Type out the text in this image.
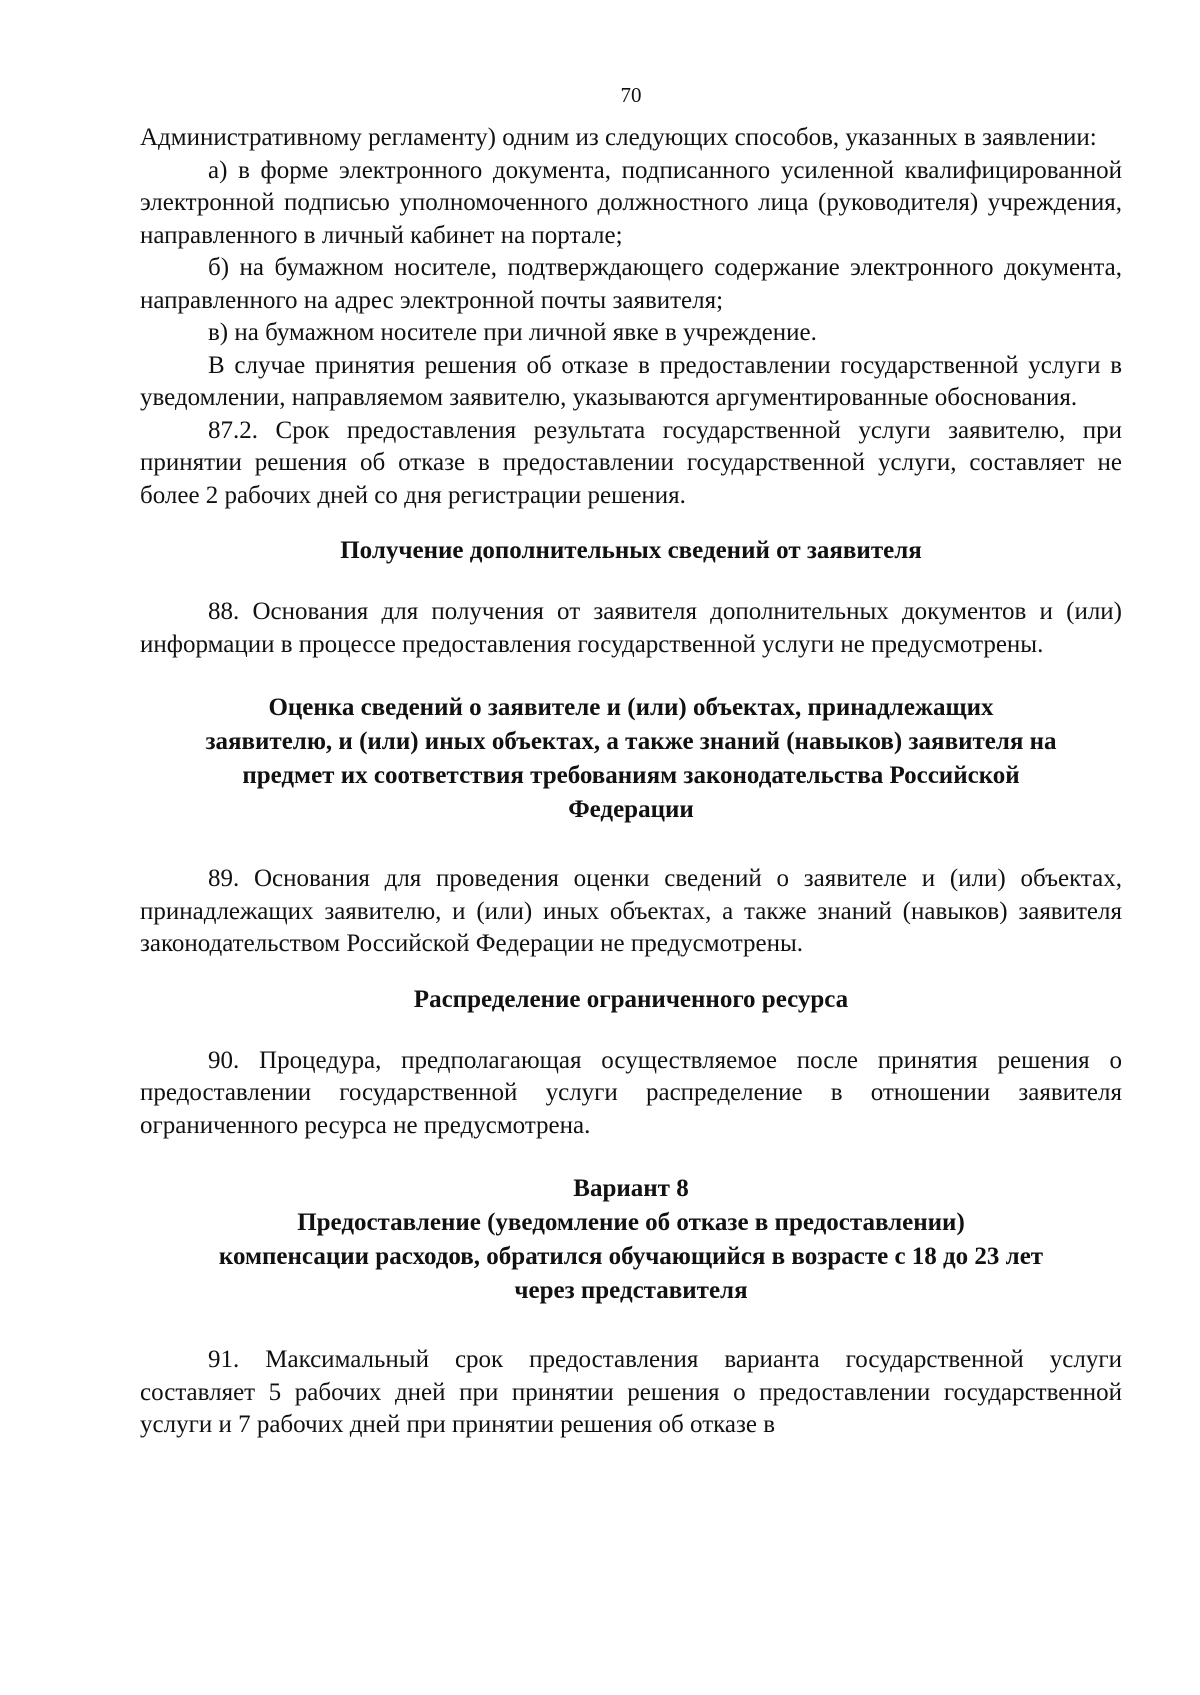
70

Административному регламенту) одним из следующих способов, указанных в заявлении:

а) в форме электронного документа, подписанного усиленной квалифицированной электронной подписью уполномоченного должностного лица (руководителя) учреждения, направленного в личный кабинет на портале;

б) на бумажном носителе, подтверждающего содержание электронного документа, направленного на адрес электронной почты заявителя;

в) на бумажном носителе при личной явке в учреждение.

В случае принятия решения об отказе в предоставлении государственной услуги в уведомлении, направляемом заявителю, указываются аргументированные обоснования.

87.2. Срок предоставления результата государственной услуги заявителю, при принятии решения об отказе в предоставлении государственной услуги, составляет не более 2 рабочих дней со дня регистрации решения.

Получение дополнительных сведений от заявителя

88. Основания для получения от заявителя дополнительных документов и (или) информации в процессе предоставления государственной услуги не предусмотрены.

Оценка сведений о заявителе и (или) объектах, принадлежащих
заявителю, и (или) иных объектах, а также знаний (навыков) заявителя на
предмет их соответствия требованиям законодательства Российской
Федерации

89. Основания для проведения оценки сведений о заявителе и (или) объектах, принадлежащих заявителю, и (или) иных объектах, а также знаний (навыков) заявителя законодательством Российской Федерации не предусмотрены.

Распределение ограниченного ресурса

90. Процедура, предполагающая осуществляемое после принятия решения о предоставлении государственной услуги распределение в отношении заявителя ограниченного ресурса не предусмотрена.

Вариант 8
Предоставление (уведомление об отказе в предоставлении)
компенсации расходов, обратился обучающийся в возрасте с 18 до 23 лет
через представителя

91. Максимальный срок предоставления варианта государственной услуги составляет 5 рабочих дней при принятии решения о предоставлении государственной услуги и 7 рабочих дней при принятии решения об отказе в
